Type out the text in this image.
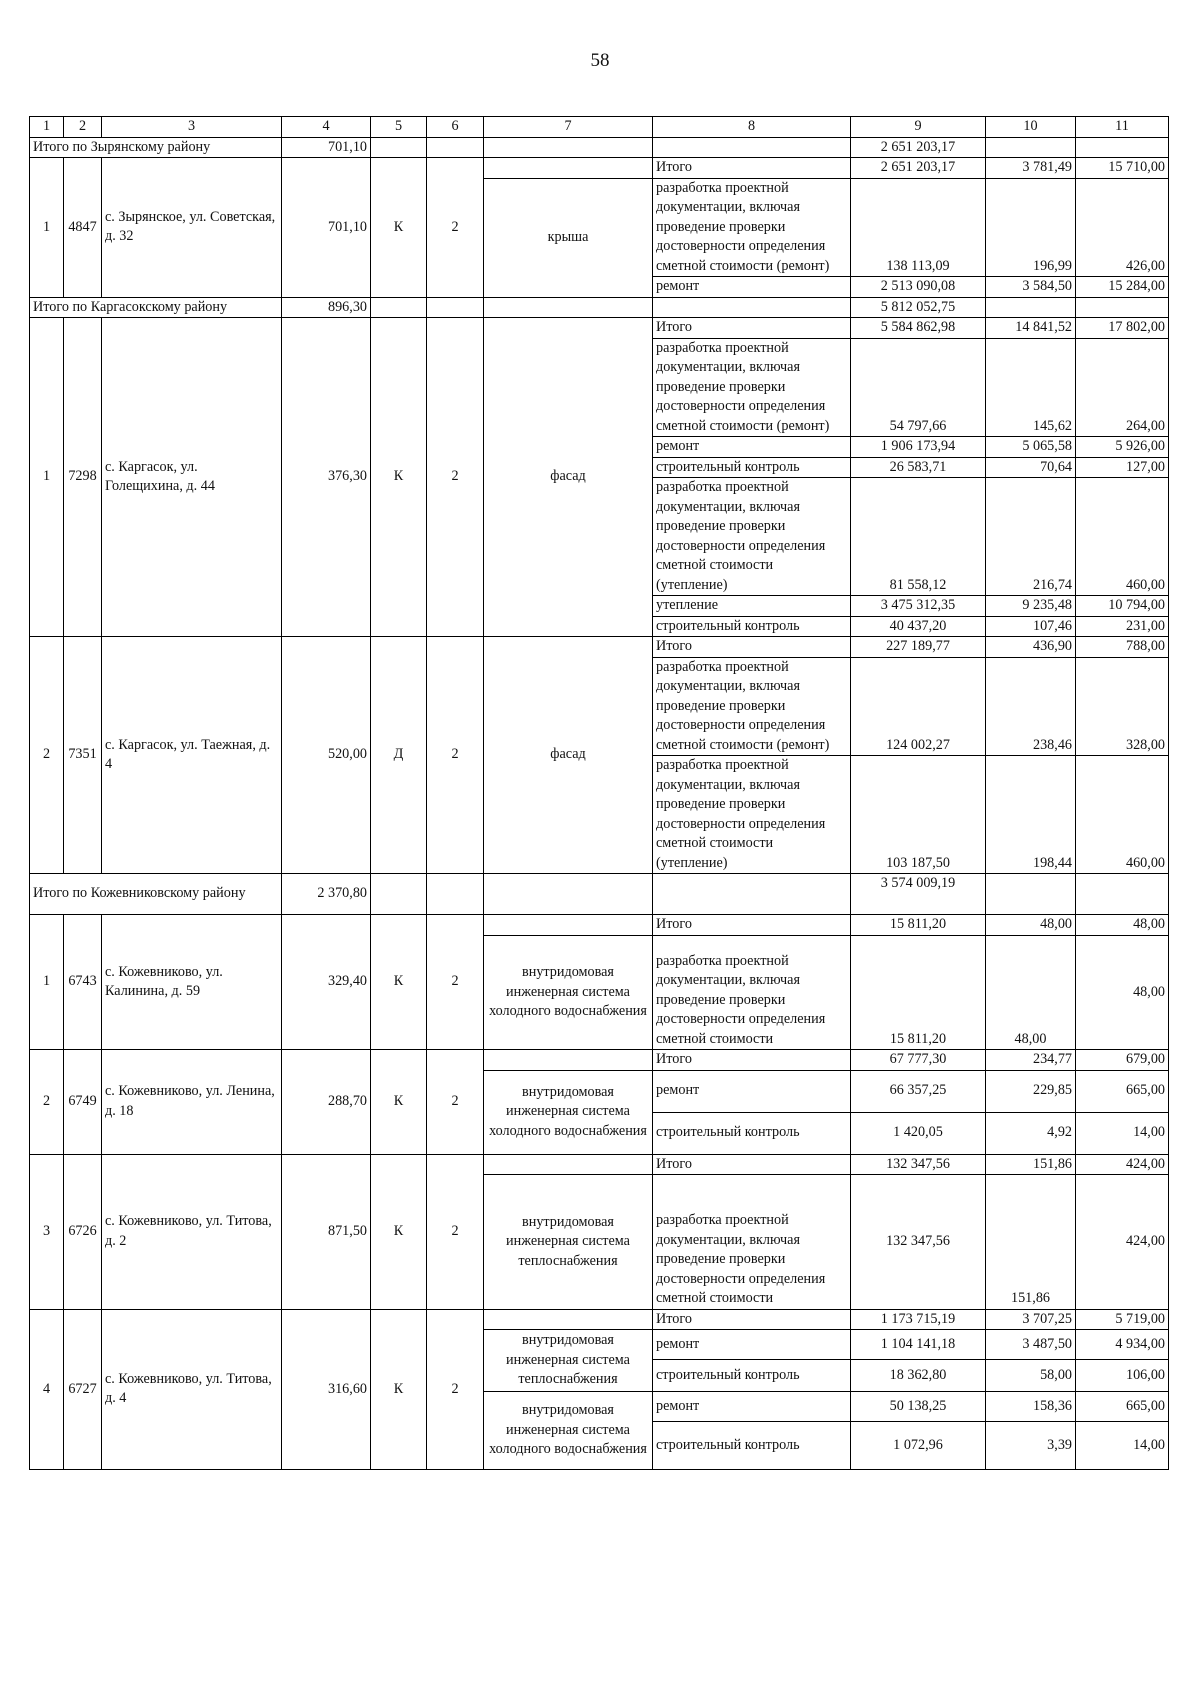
58
1	2	3	4	5	6	7	8	9	10	11
Итого по Зырянскому району			701,10					2 651 203,17		
1	4847	с. Зырянское, ул. Советская, д. 32	701,10	К	2		Итого	2 651 203,17	3 781,49	15 710,00
						крыша	разработка проектной документации, включая проведение проверки достоверности определения сметной стоимости (ремонт)	138 113,09	196,99	426,00
							ремонт	2 513 090,08	3 584,50	15 284,00
Итого по Каргасокскому району			896,30					5 812 052,75		
1	7298	с. Каргасок, ул. Голещихина, д. 44	376,30	К	2	фасад	Итого	5 584 862,98	14 841,52	17 802,00
							разработка проектной документации, включая проведение проверки достоверности определения сметной стоимости (ремонт)	54 797,66	145,62	264,00
							ремонт	1 906 173,94	5 065,58	5 926,00
							строительный контроль	26 583,71	70,64	127,00
							разработка проектной документации, включая проведение проверки достоверности определения сметной стоимости (утепление)	81 558,12	216,74	460,00
							утепление	3 475 312,35	9 235,48	10 794,00
							строительный контроль	40 437,20	107,46	231,00
2	7351	с. Каргасок, ул. Таежная, д. 4	520,00	Д	2	фасад	Итого	227 189,77	436,90	788,00
							разработка проектной документации, включая проведение проверки достоверности определения сметной стоимости (ремонт)	124 002,27	238,46	328,00
							разработка проектной документации, включая проведение проверки достоверности определения сметной стоимости (утепление)	103 187,50	198,44	460,00
Итого по Кожевниковскому району			2 370,80					3 574 009,19		
1	6743	с. Кожевниково, ул. Калинина, д. 59	329,40	К	2		Итого	15 811,20	48,00	48,00
						внутридомовая инженерная система холодного водоснабжения	разработка проектной документации, включая проведение проверки достоверности определения сметной стоимости	15 811,20	48,00	48,00
2	6749	с. Кожевниково, ул. Ленина, д. 18	288,70	К	2		Итого	67 777,30	234,77	679,00
						внутридомовая инженерная система холодного водоснабжения	ремонт	66 357,25	229,85	665,00
							строительный контроль	1 420,05	4,92	14,00
3	6726	с. Кожевниково, ул. Титова, д. 2	871,50	К	2		Итого	132 347,56	151,86	424,00
						внутридомовая инженерная система теплоснабжения	разработка проектной документации, включая проведение проверки достоверности определения сметной стоимости	132 347,56	151,86	424,00
4	6727	с. Кожевниково, ул. Титова, д. 4	316,60	К	2		Итого	1 173 715,19	3 707,25	5 719,00
						внутридомовая инженерная система теплоснабжения	ремонт	1 104 141,18	3 487,50	4 934,00
							строительный контроль	18 362,80	58,00	106,00
						внутридомовая инженерная система холодного водоснабжения	ремонт	50 138,25	158,36	665,00
							строительный контроль	1 072,96	3,39	14,00
